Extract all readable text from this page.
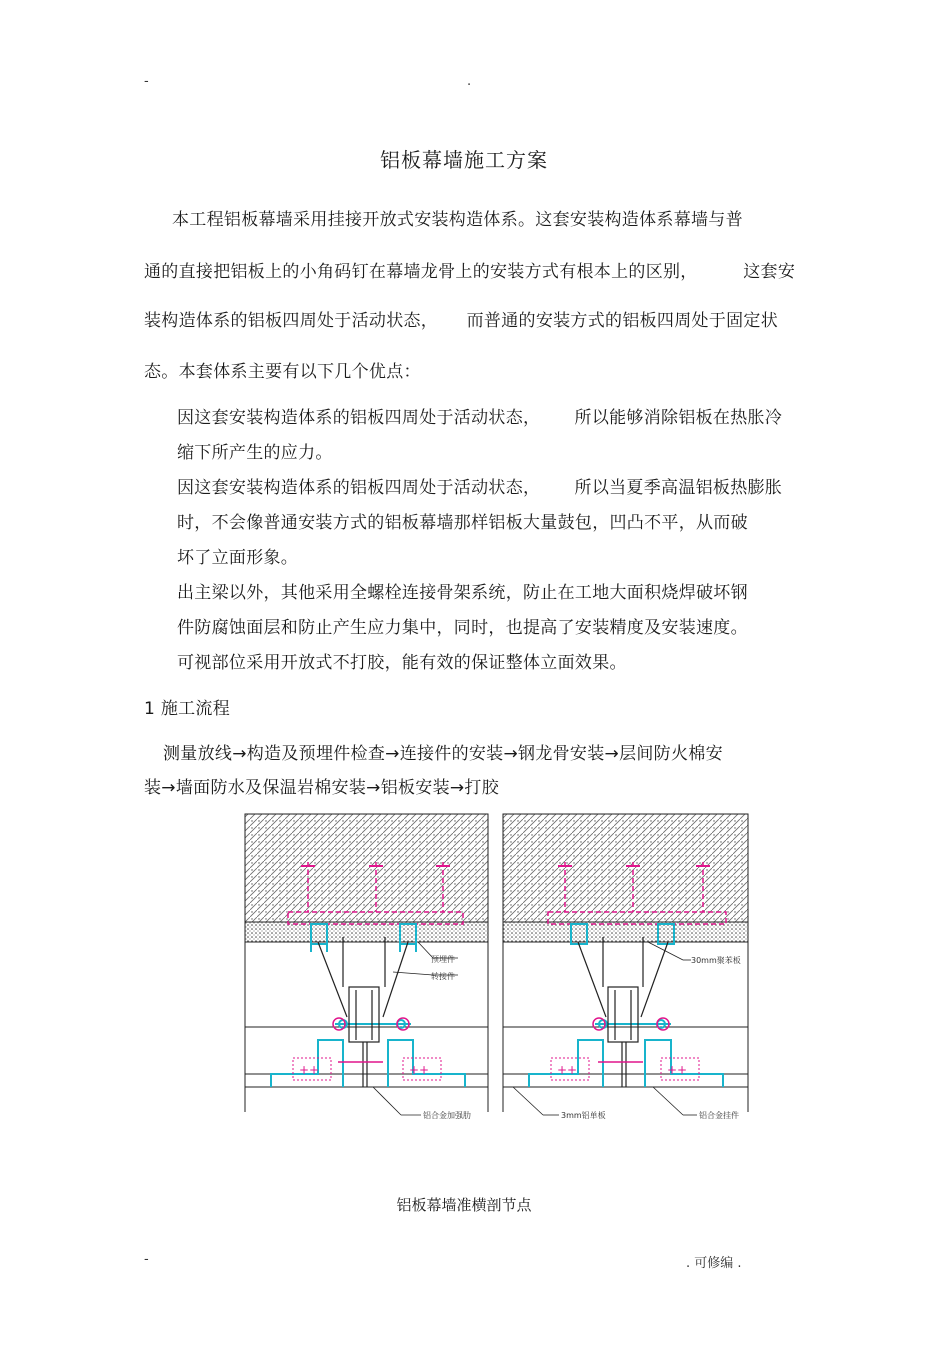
-	.
铝板幕墙施工方案
本工程铝板幕墙采用挂接开放式安装构造体系。这套安装构造体系幕墙与普
通的直接把铝板上的小角码钉在幕墙龙骨上的安装方式有根本上的区别，        这套安
装构造体系的铝板四周处于活动状态，     而普通的安装方式的铝板四周处于固定状
态。本套体系主要有以下几个优点：
因这套安装构造体系的铝板四周处于活动状态，      所以能够消除铝板在热胀冷
缩下所产生的应力。
因这套安装构造体系的铝板四周处于活动状态，      所以当夏季高温铝板热膨胀
时，不会像普通安装方式的铝板幕墙那样铝板大量鼓包，凹凸不平，从而破
坏了立面形象。
出主梁以外，其他采用全螺栓连接骨架系统，防止在工地大面积烧焊破坏钢
件防腐蚀面层和防止产生应力集中，同时，也提高了安装精度及安装速度。
可视部位采用开放式不打胶，能有效的保证整体立面效果。
1 施工流程
测量放线→构造及预埋件检查→连接件的安装→钢龙骨安装→层间防火棉安
装→墙面防水及保温岩棉安装→铝板安装→打胶
++	++
预埋件
转接件
铝合金加强肋
++	++
30mm聚苯板
3mm铝单板	铝合金挂件
铝板幕墙准横剖节点
-	. 可修编 .
